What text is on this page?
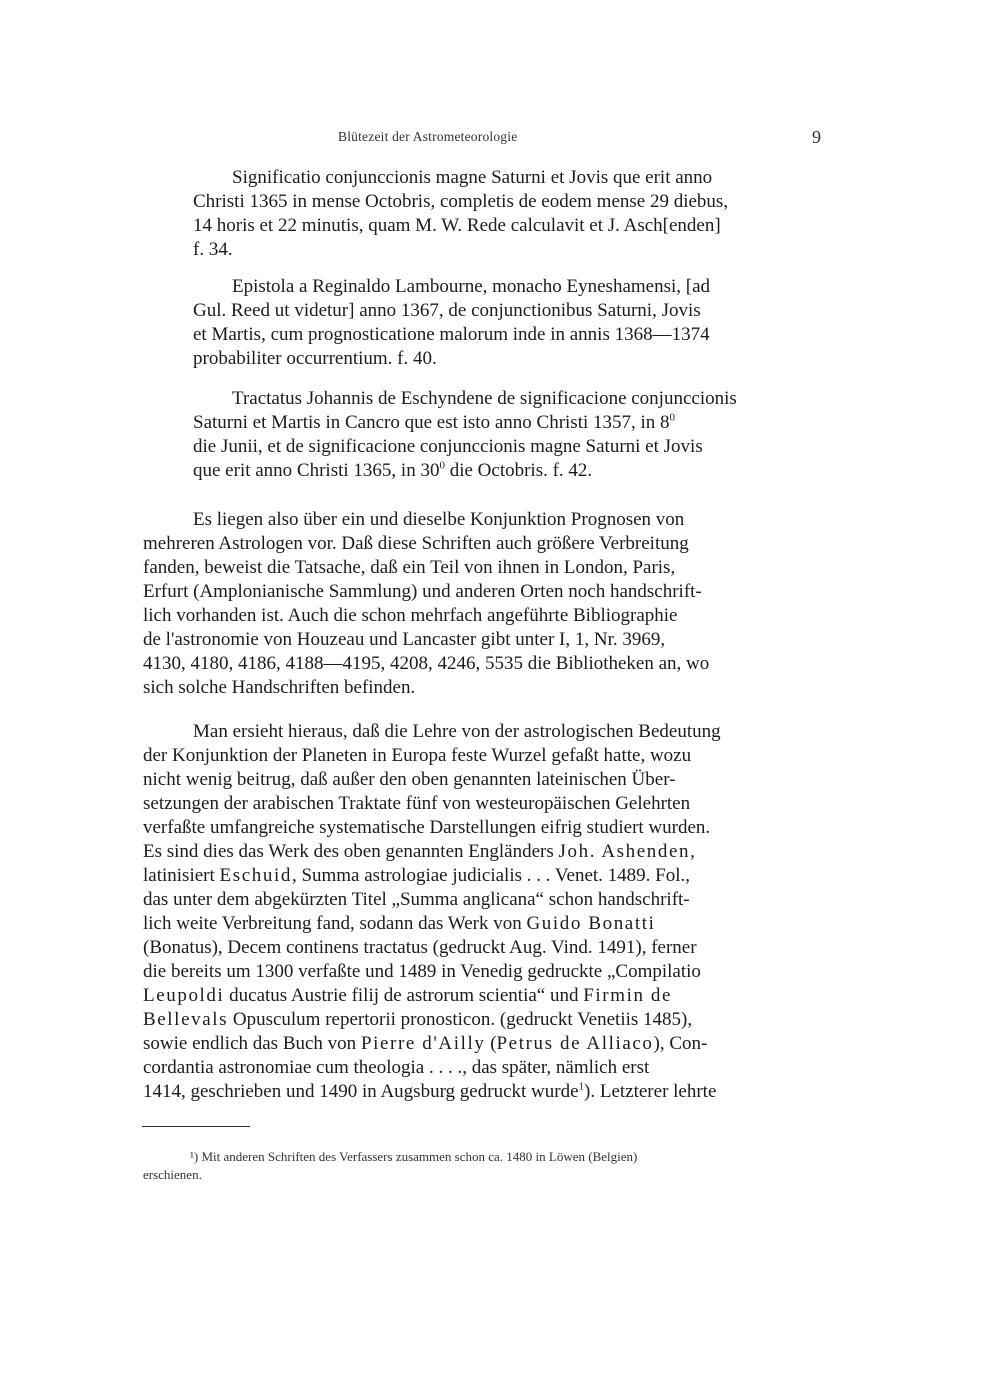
Blütezeit der Astrometeorologie	9
Significatio conjunccionis magne Saturni et Jovis que erit anno
Christi 1365 in mense Octobris, completis de eodem mense 29 diebus,
14 horis et 22 minutis, quam M. W. Rede calculavit et J. Asch[enden]
f. 34.
Epistola a Reginaldo Lambourne, monacho Eyneshamensi, [ad
Gul. Reed ut videtur] anno 1367, de conjunctionibus Saturni, Jovis
et Martis, cum prognosticatione malorum inde in annis 1368—1374
probabiliter occurrentium. f. 40.
Tractatus Johannis de Eschyndene de significacione conjunccionis
Saturni et Martis in Cancro que est isto anno Christi 1357, in $8^0$
die Junii, et de significacione conjunccionis magne Saturni et Jovis
que erit anno Christi 1365, in $30^0$ die Octobris. f. 42.
Es liegen also über ein und dieselbe Konjunktion Prognosen von
mehreren Astrologen vor. Daß diese Schriften auch größere Verbreitung
fanden, beweist die Tatsache, daß ein Teil von ihnen in London, Paris,
Erfurt (Amplonianische Sammlung) und anderen Orten noch handschrift-
lich vorhanden ist. Auch die schon mehrfach angeführte Bibliographie
de l'astronomie von Houzeau und Lancaster gibt unter I, 1, Nr. 3969,
4130, 4180, 4186, 4188—4195, 4208, 4246, 5535 die Bibliotheken an, wo
sich solche Handschriften befinden.
Man ersieht hieraus, daß die Lehre von der astrologischen Bedeutung
der Konjunktion der Planeten in Europa feste Wurzel gefaßt hatte, wozu
nicht wenig beitrug, daß außer den oben genannten lateinischen Über-
setzungen der arabischen Traktate fünf von westeuropäischen Gelehrten
verfaßte umfangreiche systematische Darstellungen eifrig studiert wurden.
Es sind dies das Werk des oben genannten Engländers Joh. Ashenden,
latinisiert Eschuid, Summa astrologiae judicialis . . . Venet. 1489. Fol.,
das unter dem abgekürzten Titel „Summa anglicana“ schon handschrift-
lich weite Verbreitung fand, sodann das Werk von Guido Bonatti
(Bonatus), Decem continens tractatus (gedruckt Aug. Vind. 1491), ferner
die bereits um 1300 verfaßte und 1489 in Venedig gedruckte „Compilatio
Leupoldi ducatus Austrie filij de astrorum scientia“ und Firmin de
Bellevals Opusculum repertorii pronosticon. (gedruckt Venetiis 1485),
sowie endlich das Buch von Pierre d'Ailly (Petrus de Alliaco), Con-
cordantia astronomiae cum theologia . . . ., das später, nämlich erst
1414, geschrieben und 1490 in Augsburg gedruckt wurde$^1$). Letzterer lehrte
¹) Mit anderen Schriften des Verfassers zusammen schon ca. 1480 in Löwen (Belgien)
erschienen.
